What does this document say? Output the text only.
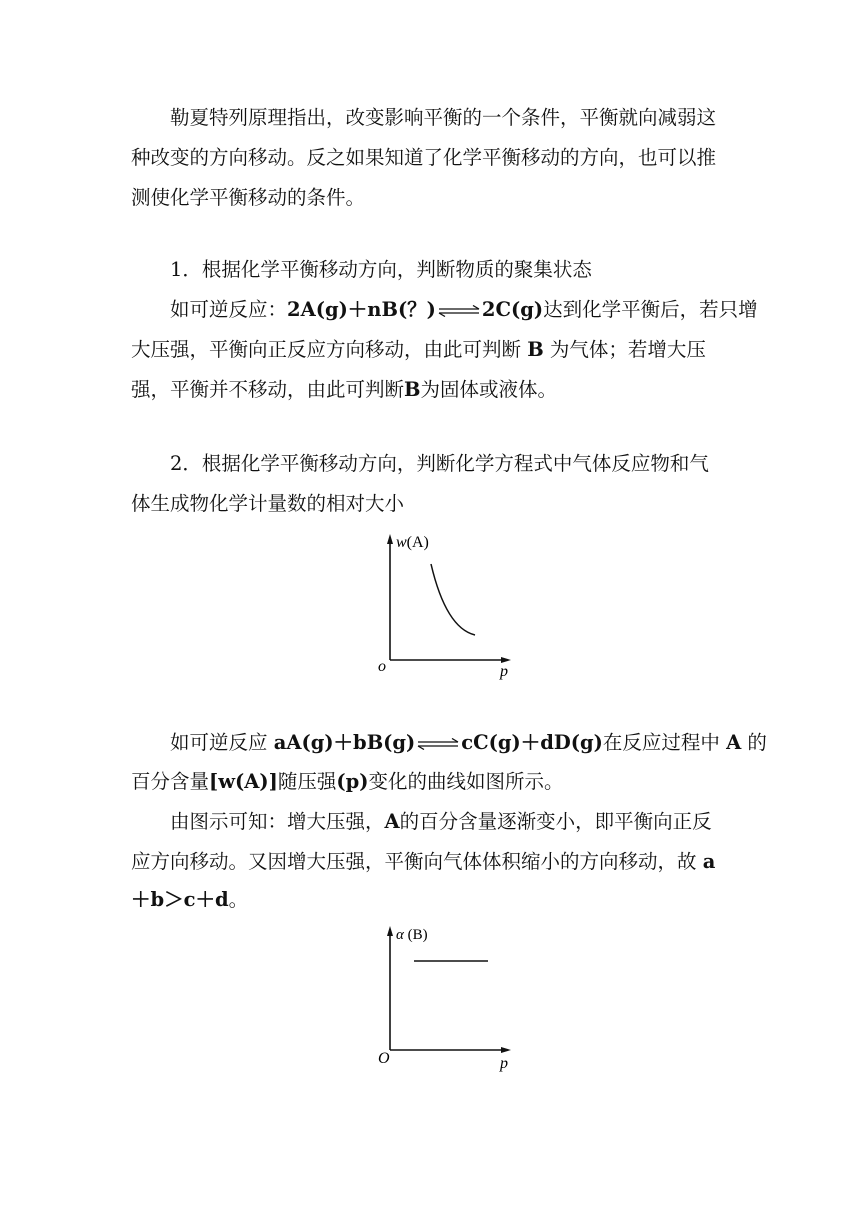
勒夏特列原理指出，改变影响平衡的一个条件，平衡就向减弱这
种改变的方向移动。反之如果知道了化学平衡移动的方向，也可以推
测使化学平衡移动的条件。
1．根据化学平衡移动方向，判断物质的聚集状态
如可逆反应：2A(g)＋nB(？) ⇌ 2C(g)达到化学平衡后，若只增
大压强，平衡向正反应方向移动，由此可判断 B 为气体；若增大压
强，平衡并不移动，由此可判断B为固体或液体。
2．根据化学平衡移动方向，判断化学方程式中气体反应物和气
体生成物化学计量数的相对大小
w(A)
o	p
如可逆反应 aA(g)＋bB(g) ⇌ cC(g)＋dD(g)在反应过程中 A 的
百分含量[w(A)]随压强(p)变化的曲线如图所示。
由图示可知：增大压强，A的百分含量逐渐变小，即平衡向正反
应方向移动。又因增大压强，平衡向气体体积缩小的方向移动，故 a
＋b＞c＋d。
α (B)
O	p
